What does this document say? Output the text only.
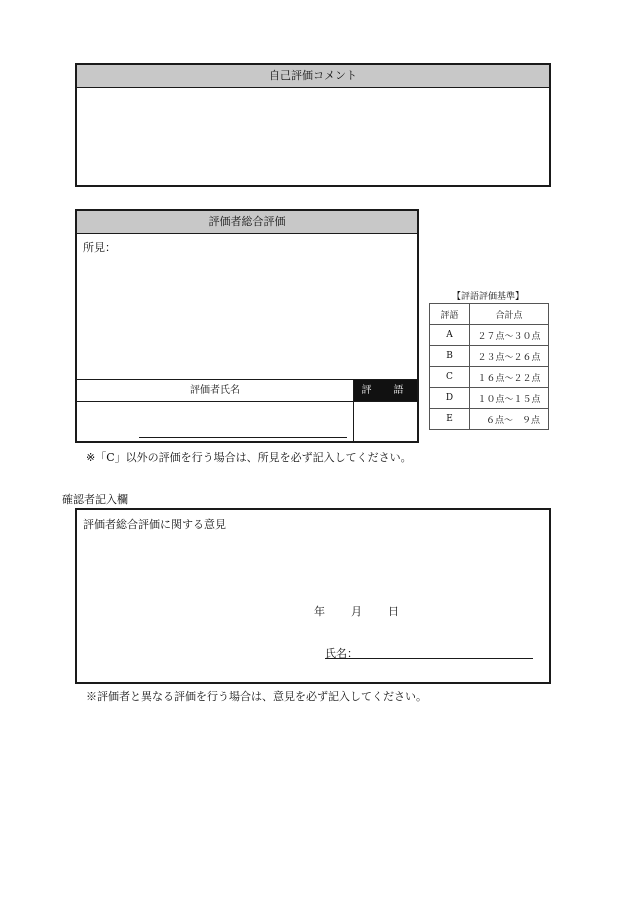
自己評価コメント
評価者総合評価
所見：
評価者氏名	評　語
【評語評価基準】
評語	合計点
A	２７点～３０点
B	２３点～２６点
C	１６点～２２点
D	１０点～１５点
E	６点～　９点
※「C」以外の評価を行う場合は、所見を必ず記入してください。
確認者記入欄
評価者総合評価に関する意見
年 月 日
氏名：
※評価者と異なる評価を行う場合は、意見を必ず記入してください。
